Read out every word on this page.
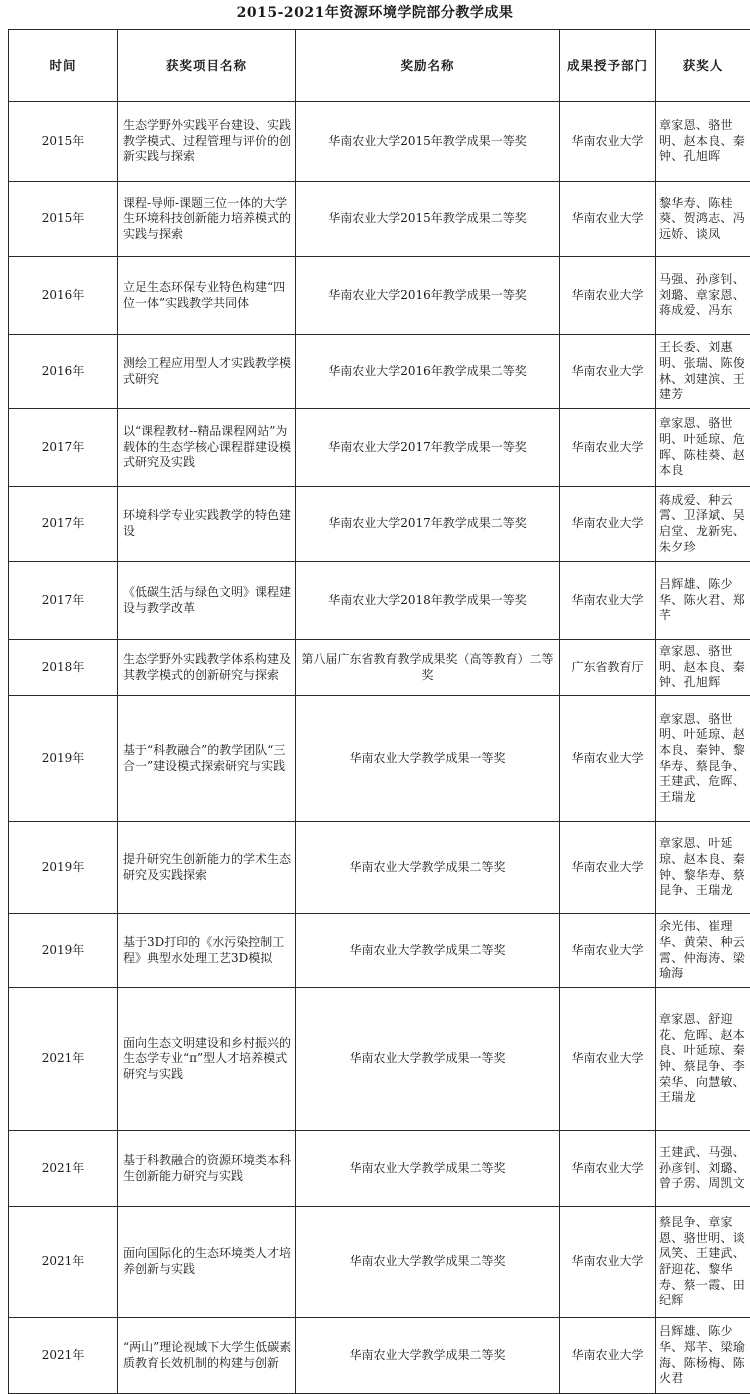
2015-2021年资源环境学院部分教学成果
时间	获奖项目名称	奖励名称	成果授予部门	获奖人
2015年	生态学野外实践平台建设、实践教学模式、过程管理与评价的创新实践与探索	华南农业大学2015年教学成果一等奖	华南农业大学	章家恩、骆世明、赵本良、秦钟、孔旭晖
2015年	课程-导师-课题三位一体的大学生环境科技创新能力培养模式的实践与探索	华南农业大学2015年教学成果二等奖	华南农业大学	黎华寿、陈桂葵、贺鸿志、冯远娇、谈凤
2016年	立足生态环保专业特色构建“四位一体”实践教学共同体	华南农业大学2016年教学成果一等奖	华南农业大学	马强、孙彦钊、刘璐、章家恩、蒋成爱、冯东
2016年	测绘工程应用型人才实践教学模式研究	华南农业大学2016年教学成果二等奖	华南农业大学	王长委、刘惠明、张瑞、陈俊林、刘建滨、王建芳
2017年	以“课程教材--精品课程网站”为载体的生态学核心课程群建设模式研究及实践	华南农业大学2017年教学成果一等奖	华南农业大学	章家恩、骆世明、叶延琼、危晖、陈桂葵、赵本良
2017年	环境科学专业实践教学的特色建设	华南农业大学2017年教学成果二等奖	华南农业大学	蒋成爱、种云霄、卫泽斌、吴启堂、龙新宪、朱夕珍
2017年	《低碳生活与绿色文明》课程建设与教学改革	华南农业大学2018年教学成果一等奖	华南农业大学	吕辉雄、陈少华、陈火君、郑芊
2018年	生态学野外实践教学体系构建及其教学模式的创新研究与探索	第八届广东省教育教学成果奖（高等教育）二等奖	广东省教育厅	章家恩、骆世明、赵本良、秦钟、孔旭辉
2019年	基于“科教融合”的教学团队“三合一”建设模式探索研究与实践	华南农业大学教学成果一等奖	华南农业大学	章家恩、骆世明、叶延琼、赵本良、秦钟、黎华寿、蔡昆争、王建武、危晖、王瑞龙
2019年	提升研究生创新能力的学术生态研究及实践探索	华南农业大学教学成果二等奖	华南农业大学	章家恩、叶延琼、赵本良、秦钟、黎华寿、蔡昆争、王瑞龙
2019年	基于3D打印的《水污染控制工程》典型水处理工艺3D模拟	华南农业大学教学成果二等奖	华南农业大学	余光伟、崔理华、黄荣、种云霄、仲海涛、梁瑜海
2021年	面向生态文明建设和乡村振兴的生态学专业“π”型人才培养模式研究与实践	华南农业大学教学成果一等奖	华南农业大学	章家恩、舒迎花、危晖、赵本良、叶延琼、秦钟、蔡昆争、李荣华、向慧敏、王瑞龙
2021年	基于科教融合的资源环境类本科生创新能力研究与实践	华南农业大学教学成果二等奖	华南农业大学	王建武、马强、孙彦钊、刘璐、曾子雳、周凯文
2021年	面向国际化的生态环境类人才培养创新与实践	华南农业大学教学成果二等奖	华南农业大学	蔡昆争、章家恩、骆世明、谈凤笑、王建武、舒迎花、黎华寿、蔡一霞、田纪辉
2021年	“两山”理论视域下大学生低碳素质教育长效机制的构建与创新	华南农业大学教学成果二等奖	华南农业大学	吕辉雄、陈少华、郑芊、梁瑜海、陈杨梅、陈火君
